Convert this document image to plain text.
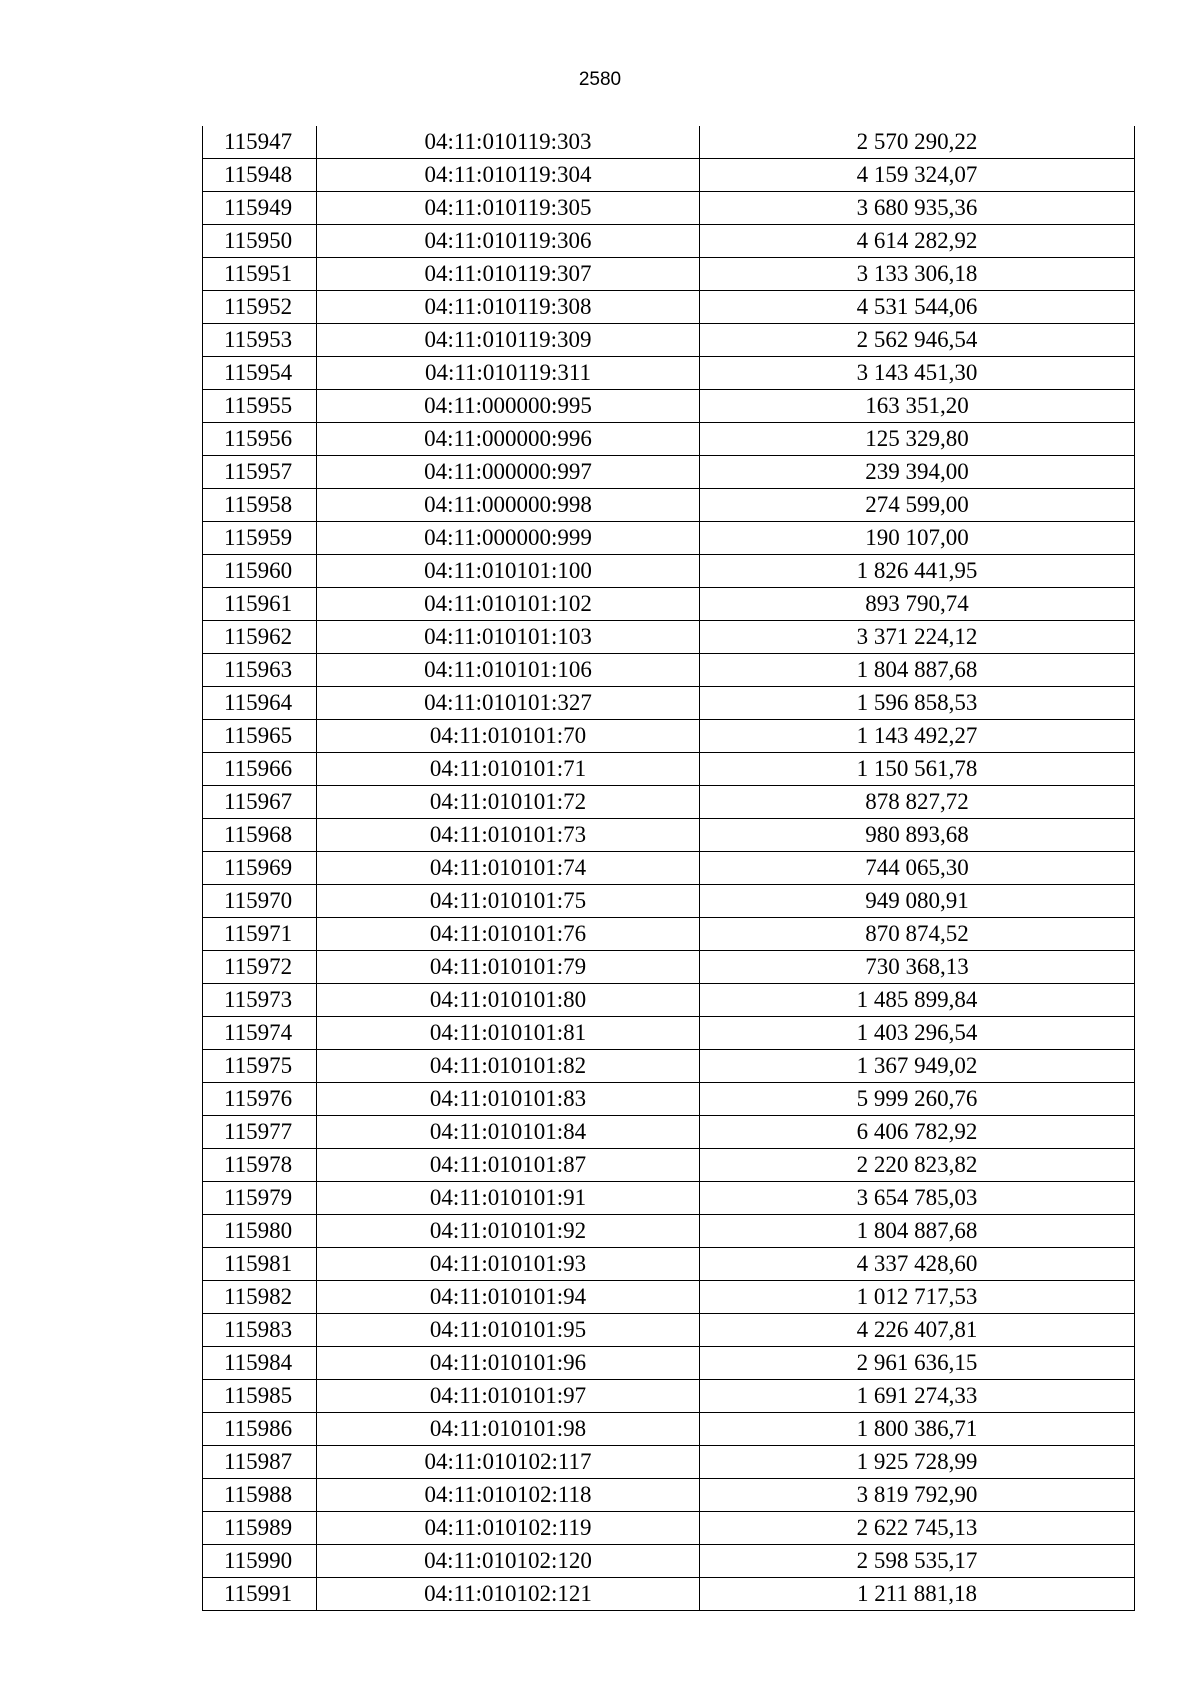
2580
115947	04:11:010119:303	2 570 290,22
115948	04:11:010119:304	4 159 324,07
115949	04:11:010119:305	3 680 935,36
115950	04:11:010119:306	4 614 282,92
115951	04:11:010119:307	3 133 306,18
115952	04:11:010119:308	4 531 544,06
115953	04:11:010119:309	2 562 946,54
115954	04:11:010119:311	3 143 451,30
115955	04:11:000000:995	163 351,20
115956	04:11:000000:996	125 329,80
115957	04:11:000000:997	239 394,00
115958	04:11:000000:998	274 599,00
115959	04:11:000000:999	190 107,00
115960	04:11:010101:100	1 826 441,95
115961	04:11:010101:102	893 790,74
115962	04:11:010101:103	3 371 224,12
115963	04:11:010101:106	1 804 887,68
115964	04:11:010101:327	1 596 858,53
115965	04:11:010101:70	1 143 492,27
115966	04:11:010101:71	1 150 561,78
115967	04:11:010101:72	878 827,72
115968	04:11:010101:73	980 893,68
115969	04:11:010101:74	744 065,30
115970	04:11:010101:75	949 080,91
115971	04:11:010101:76	870 874,52
115972	04:11:010101:79	730 368,13
115973	04:11:010101:80	1 485 899,84
115974	04:11:010101:81	1 403 296,54
115975	04:11:010101:82	1 367 949,02
115976	04:11:010101:83	5 999 260,76
115977	04:11:010101:84	6 406 782,92
115978	04:11:010101:87	2 220 823,82
115979	04:11:010101:91	3 654 785,03
115980	04:11:010101:92	1 804 887,68
115981	04:11:010101:93	4 337 428,60
115982	04:11:010101:94	1 012 717,53
115983	04:11:010101:95	4 226 407,81
115984	04:11:010101:96	2 961 636,15
115985	04:11:010101:97	1 691 274,33
115986	04:11:010101:98	1 800 386,71
115987	04:11:010102:117	1 925 728,99
115988	04:11:010102:118	3 819 792,90
115989	04:11:010102:119	2 622 745,13
115990	04:11:010102:120	2 598 535,17
115991	04:11:010102:121	1 211 881,18
